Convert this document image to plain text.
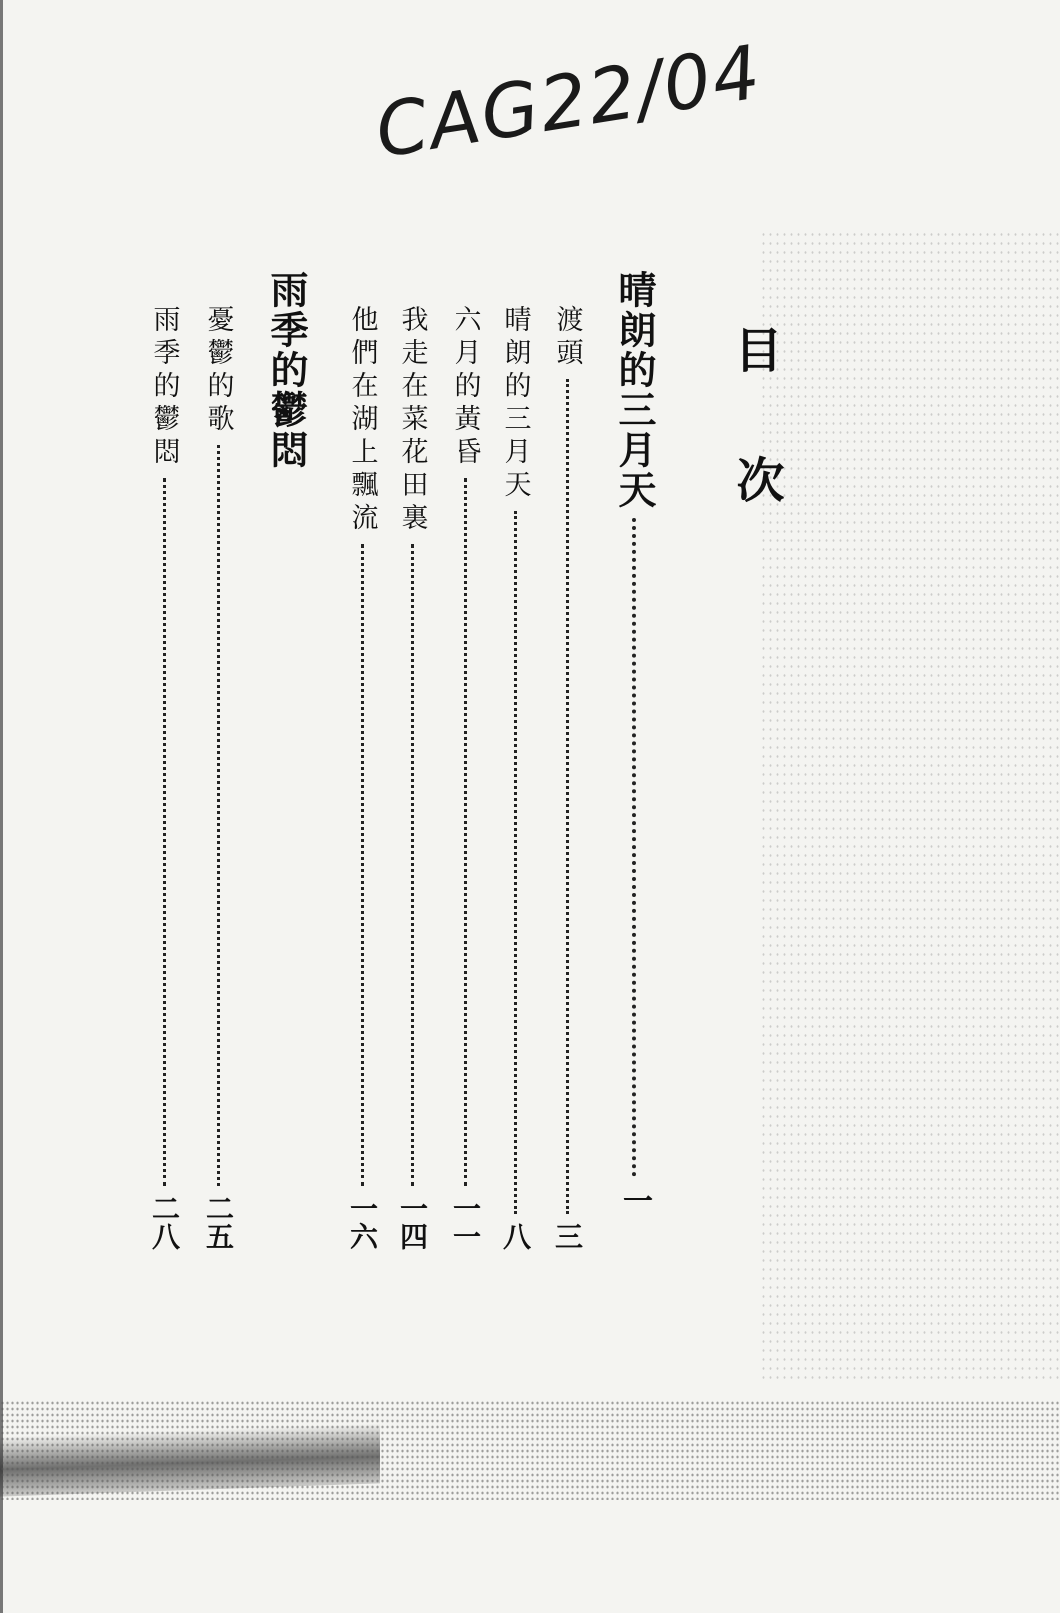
CAG22/04
目
次
晴朗的三月天
一
渡頭
三
晴朗的三月天
八
六月的黃昏
一一
我走在菜花田裏
一四
他們在湖上飄流
一六
雨季的鬱悶
憂鬱的歌
二五
雨季的鬱悶
二八
